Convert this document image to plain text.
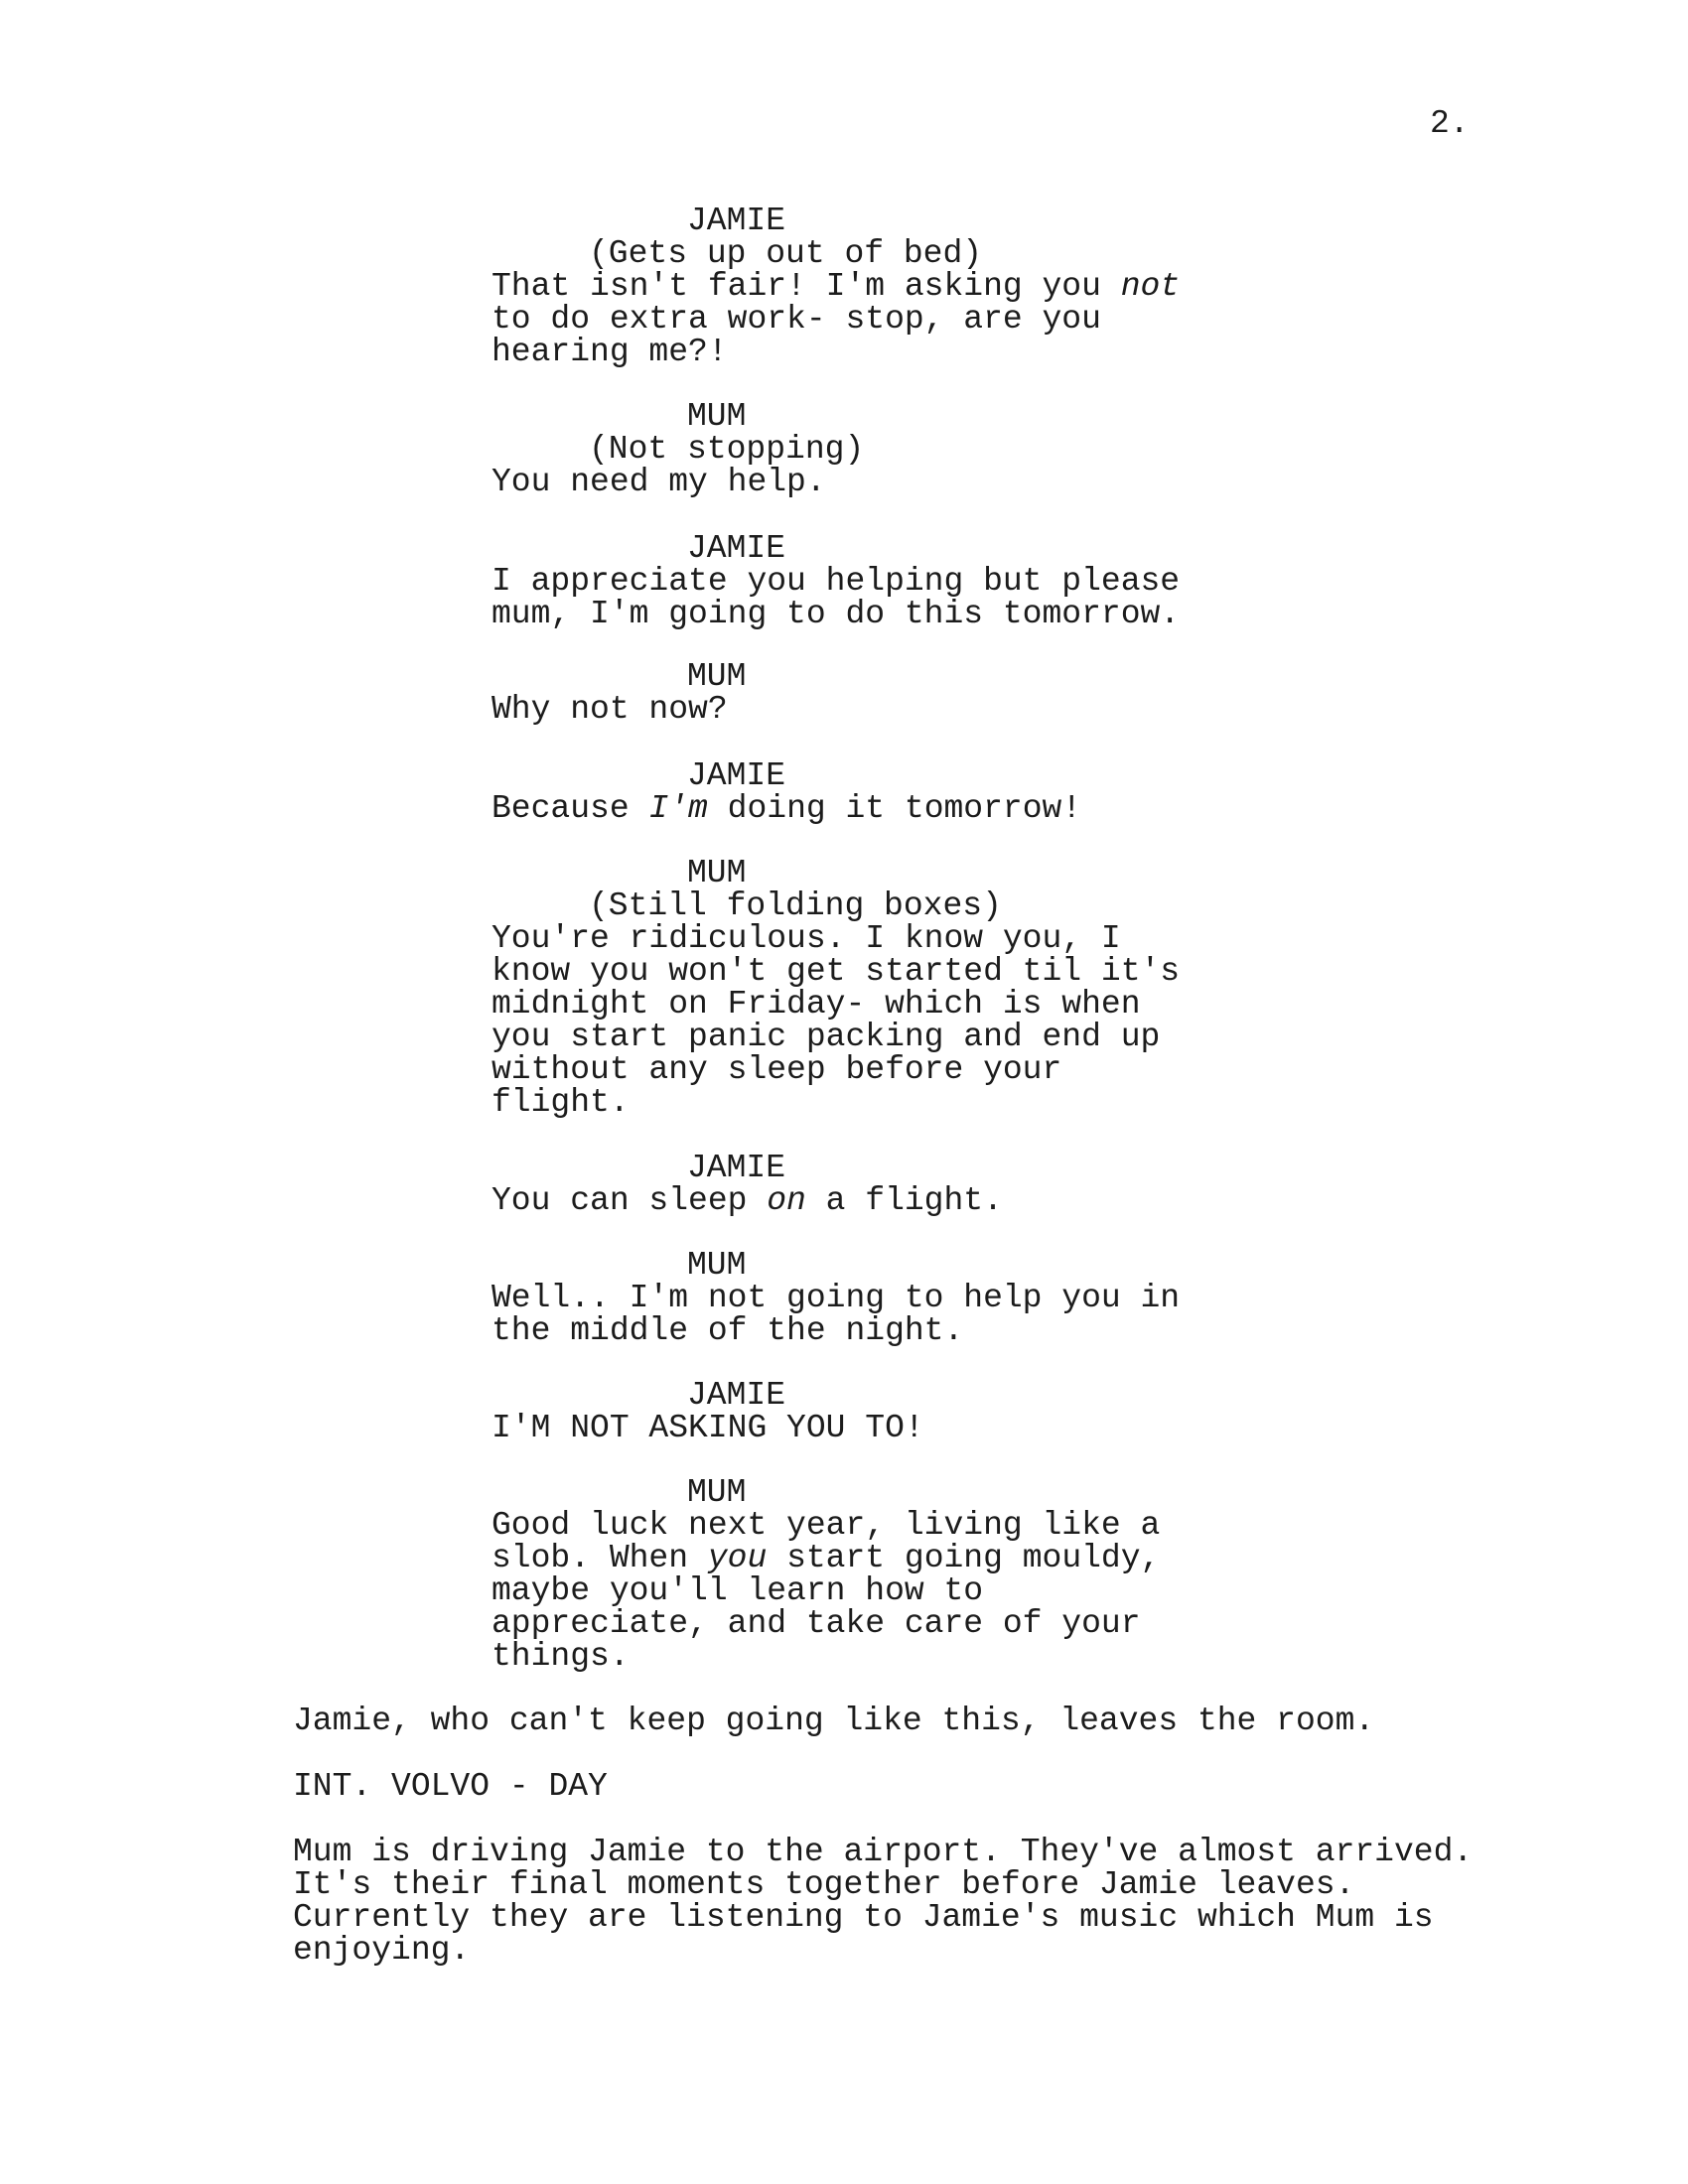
2.
JAMIE
(Gets up out of bed)
That isn't fair! I'm asking you not
to do extra work- stop, are you
hearing me?!
MUM
(Not stopping)
You need my help.
JAMIE
I appreciate you helping but please
mum, I'm going to do this tomorrow.
MUM
Why not now?
JAMIE
Because I'm doing it tomorrow!
MUM
(Still folding boxes)
You're ridiculous. I know you, I
know you won't get started til it's
midnight on Friday- which is when
you start panic packing and end up
without any sleep before your
flight.
JAMIE
You can sleep on a flight.
MUM
Well.. I'm not going to help you in
the middle of the night.
JAMIE
I'M NOT ASKING YOU TO!
MUM
Good luck next year, living like a
slob. When you start going mouldy,
maybe you'll learn how to
appreciate, and take care of your
things.
Jamie, who can't keep going like this, leaves the room.
INT. VOLVO - DAY
Mum is driving Jamie to the airport. They've almost arrived.
It's their final moments together before Jamie leaves.
Currently they are listening to Jamie's music which Mum is
enjoying.
